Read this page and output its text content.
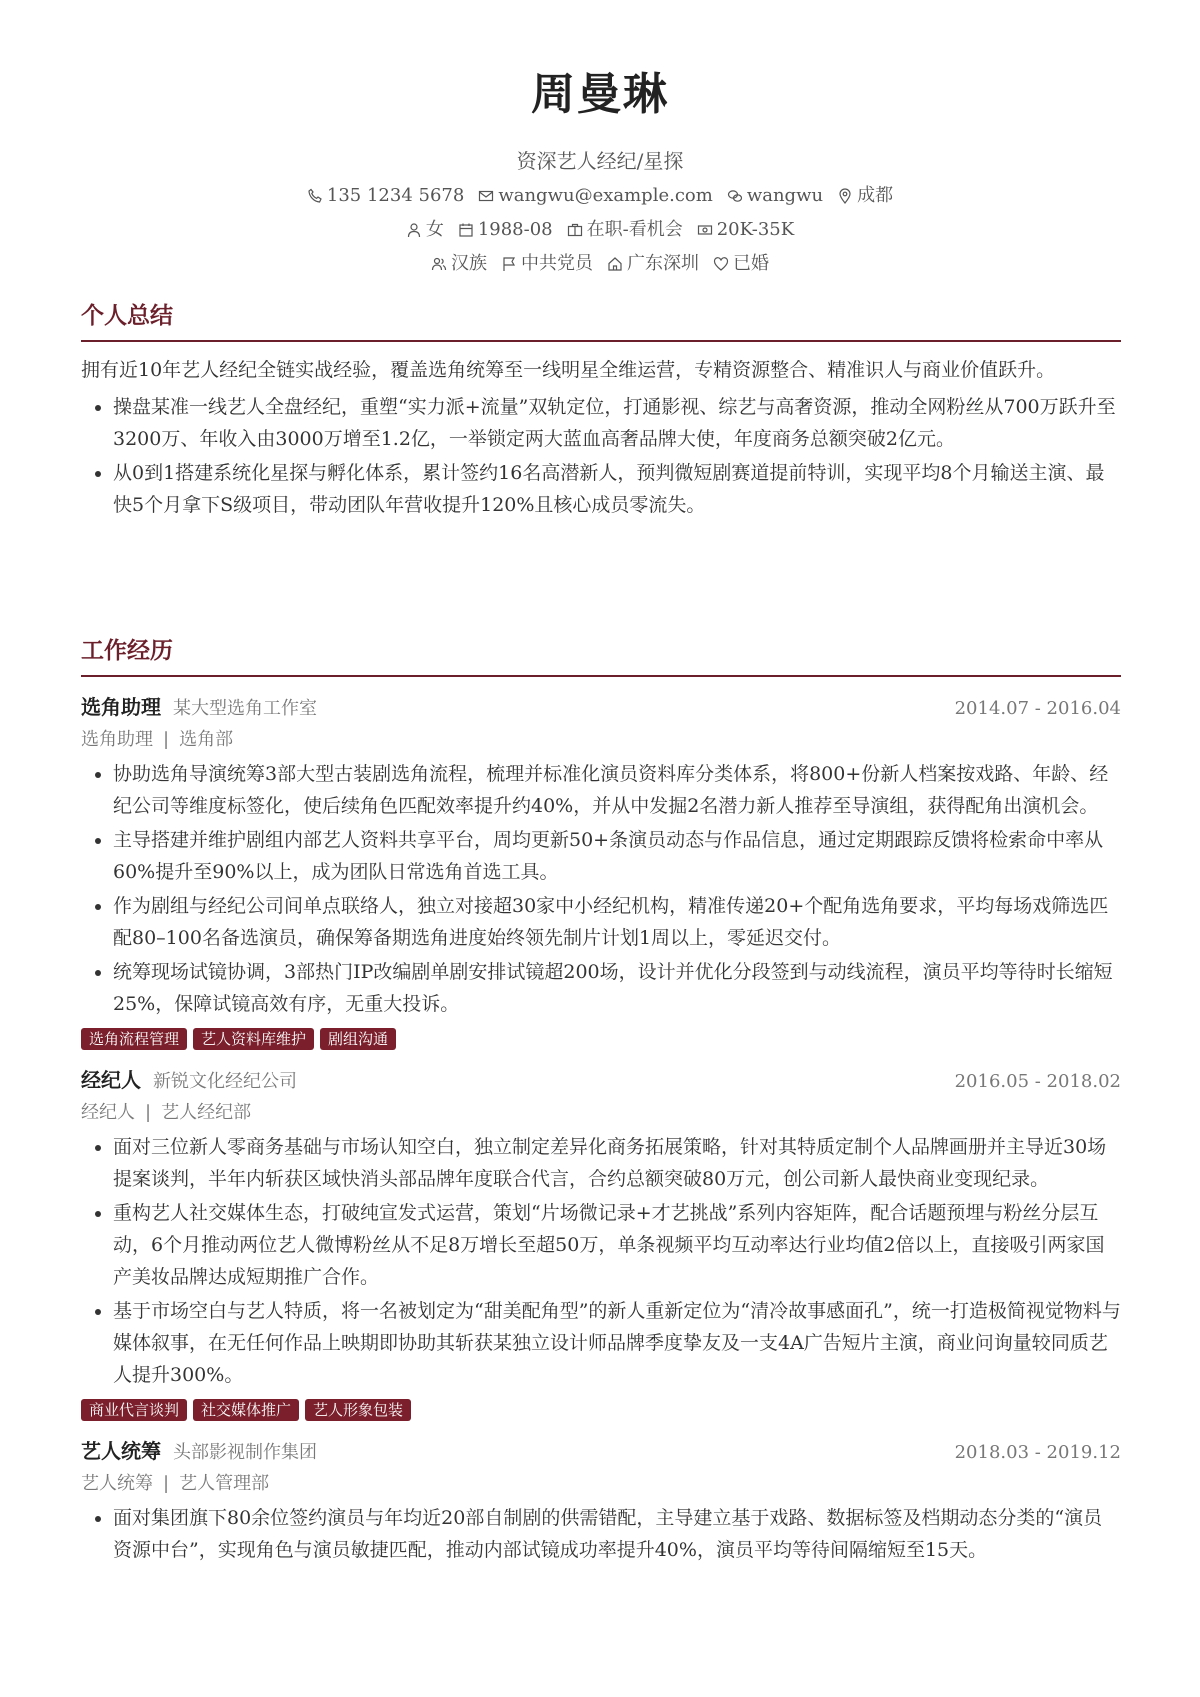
周曼琳
资深艺人经纪/星探
135 1234 5678 wangwu@example.com wangwu 成都
女 1988-08 在职-看机会 20K-35K
汉族 中共党员 广东深圳 已婚
个人总结
拥有近10年艺人经纪全链实战经验，覆盖选角统筹至一线明星全维运营，专精资源整合、精准识人与商业价值跃升。
• 操盘某准一线艺人全盘经纪，重塑“实力派+流量”双轨定位，打通影视、综艺与高奢资源，推动全网粉丝从700万跃升至3200万、年收入由3000万增至1.2亿，一举锁定两大蓝血高奢品牌大使，年度商务总额突破2亿元。
• 从0到1搭建系统化星探与孵化体系，累计签约16名高潜新人，预判微短剧赛道提前特训，实现平均8个月输送主演、最快5个月拿下S级项目，带动团队年营收提升120%且核心成员零流失。
工作经历
选角助理 某大型选角工作室	2014.07 - 2016.04
选角助理 | 选角部
• 协助选角导演统筹3部大型古装剧选角流程，梳理并标准化演员资料库分类体系，将800+份新人档案按戏路、年龄、经纪公司等维度标签化，使后续角色匹配效率提升约40%，并从中发掘2名潜力新人推荐至导演组，获得配角出演机会。
• 主导搭建并维护剧组内部艺人资料共享平台，周均更新50+条演员动态与作品信息，通过定期跟踪反馈将检索命中率从60%提升至90%以上，成为团队日常选角首选工具。
• 作为剧组与经纪公司间单点联络人，独立对接超30家中小经纪机构，精准传递20+个配角选角要求，平均每场戏筛选匹配80–100名备选演员，确保筹备期选角进度始终领先制片计划1周以上，零延迟交付。
• 统筹现场试镜协调，3部热门IP改编剧单剧安排试镜超200场，设计并优化分段签到与动线流程，演员平均等待时长缩短25%，保障试镜高效有序，无重大投诉。
选角流程管理	艺人资料库维护	剧组沟通
经纪人 新锐文化经纪公司	2016.05 - 2018.02
经纪人 | 艺人经纪部
• 面对三位新人零商务基础与市场认知空白，独立制定差异化商务拓展策略，针对其特质定制个人品牌画册并主导近30场提案谈判，半年内斩获区域快消头部品牌年度联合代言，合约总额突破80万元，创公司新人最快商业变现纪录。
• 重构艺人社交媒体生态，打破纯宣发式运营，策划“片场微记录+才艺挑战”系列内容矩阵，配合话题预埋与粉丝分层互动，6个月推动两位艺人微博粉丝从不足8万增长至超50万，单条视频平均互动率达行业均值2倍以上，直接吸引两家国产美妆品牌达成短期推广合作。
• 基于市场空白与艺人特质，将一名被划定为“甜美配角型”的新人重新定位为“清冷故事感面孔”，统一打造极简视觉物料与媒体叙事，在无任何作品上映期即协助其斩获某独立设计师品牌季度挚友及一支4A广告短片主演，商业问询量较同质艺人提升300%。
商业代言谈判	社交媒体推广	艺人形象包装
艺人统筹 头部影视制作集团	2018.03 - 2019.12
艺人统筹 | 艺人管理部
• 面对集团旗下80余位签约演员与年均近20部自制剧的供需错配，主导建立基于戏路、数据标签及档期动态分类的“演员资源中台”，实现角色与演员敏捷匹配，推动内部试镜成功率提升40%，演员平均等待间隔缩短至15天。
